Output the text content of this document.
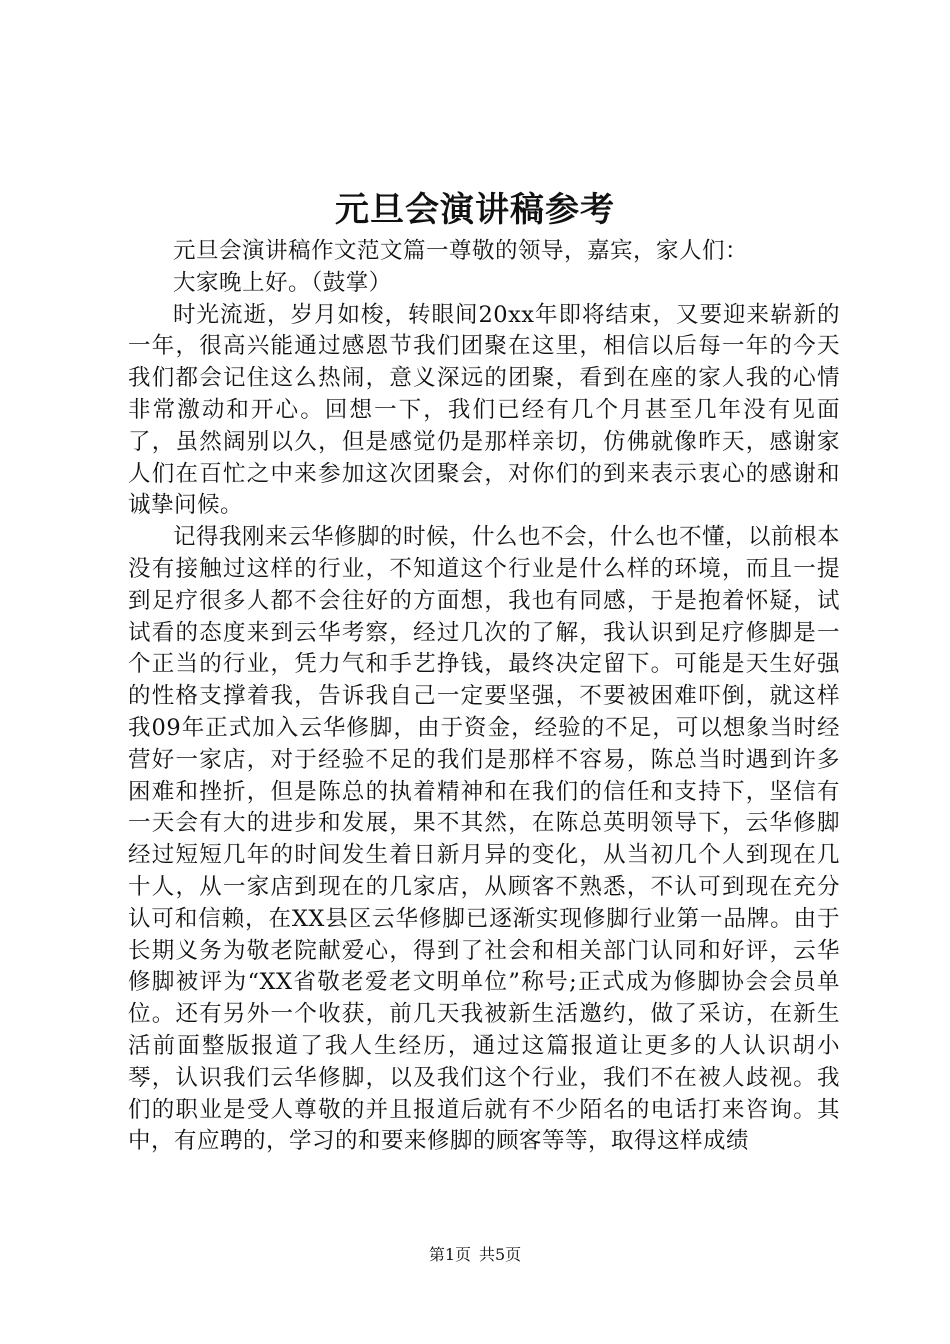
元旦会演讲稿参考

元旦会演讲稿作文范文篇一尊敬的领导，嘉宾，家人们：

大家晚上好。（鼓掌）

时光流逝，岁月如梭，转眼间20xx年即将结束，又要迎来崭新的一年，很高兴能通过感恩节我们团聚在这里，相信以后每一年的今天我们都会记住这么热闹，意义深远的团聚，看到在座的家人我的心情非常激动和开心。回想一下，我们已经有几个月甚至几年没有见面了，虽然阔别以久，但是感觉仍是那样亲切，仿佛就像昨天，感谢家人们在百忙之中来参加这次团聚会，对你们的到来表示衷心的感谢和诚挚问候。

记得我刚来云华修脚的时候，什么也不会，什么也不懂，以前根本没有接触过这样的行业，不知道这个行业是什么样的环境，而且一提到足疗很多人都不会往好的方面想，我也有同感，于是抱着怀疑，试试看的态度来到云华考察，经过几次的了解，我认识到足疗修脚是一个正当的行业，凭力气和手艺挣钱，最终决定留下。可能是天生好强的性格支撑着我，告诉我自己一定要坚强，不要被困难吓倒，就这样我09年正式加入云华修脚，由于资金，经验的不足，可以想象当时经营好一家店，对于经验不足的我们是那样不容易，陈总当时遇到许多困难和挫折，但是陈总的执着精神和在我们的信任和支持下，坚信有一天会有大的进步和发展，果不其然，在陈总英明领导下，云华修脚经过短短几年的时间发生着日新月异的变化，从当初几个人到现在几十人，从一家店到现在的几家店，从顾客不熟悉，不认可到现在充分认可和信赖，在XX县区云华修脚已逐渐实现修脚行业第一品牌。由于长期义务为敬老院献爱心，得到了社会和相关部门认同和好评，云华修脚被评为“XX省敬老爱老文明单位”称号;正式成为修脚协会会员单位。还有另外一个收获，前几天我被新生活邀约，做了采访，在新生活前面整版报道了我人生经历，通过这篇报道让更多的人认识胡小琴，认识我们云华修脚，以及我们这个行业，我们不在被人歧视。我们的职业是受人尊敬的并且报道后就有不少陌名的电话打来咨询。其中，有应聘的，学习的和要来修脚的顾客等等，取得这样成绩

第1页 共5页
